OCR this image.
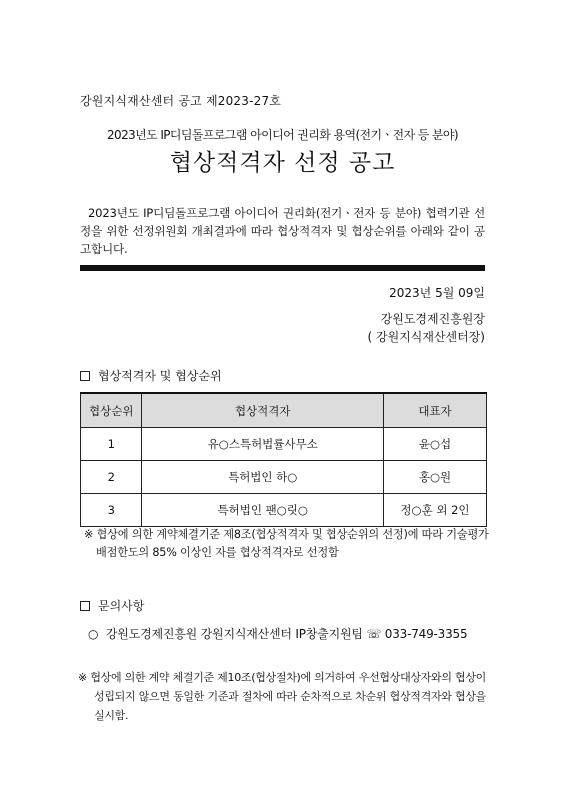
강원지식재산센터 공고 제2023-27호

2023년도 IP디딤돌프로그램 아이디어 권리화 용역(전기ㆍ전자 등 분야)

협상적격자 선정 공고

2023년도 IP디딤돌프로그램 아이디어 권리화(전기ㆍ전자 등 분야) 협력기관 선정을 위한 선정위원회 개최결과에 따라 협상적격자 및 협상순위를 아래와 같이 공고합니다.

2023년 5월 09일

강원도경제진흥원장

( 강원지식재산센터장)

협상적격자 및 협상순위
협상순위	협상적격자	대표자
1	유○스특허법률사무소	윤○섭
2	특허법인 하○	홍○원
3	특허법인 팬○릿○	정○훈 외 2인
※ 협상에 의한 계약체결기준 제8조(협상적격자 및 협상순위의 선정)에 따라 기술평가 배점한도의 85% 이상인 자를 협상적격자로 선정함
문의사항

○ 강원도경제진흥원 강원지식재산센터 IP창출지원팀 ☏ 033-749-3355

※ 협상에 의한 계약 체결기준 제10조(협상절차)에 의거하여 우선협상대상자와의 협상이 성립되지 않으면 동일한 기준과 절차에 따라 순차적으로 차순위 협상적격자와 협상을 실시함.
